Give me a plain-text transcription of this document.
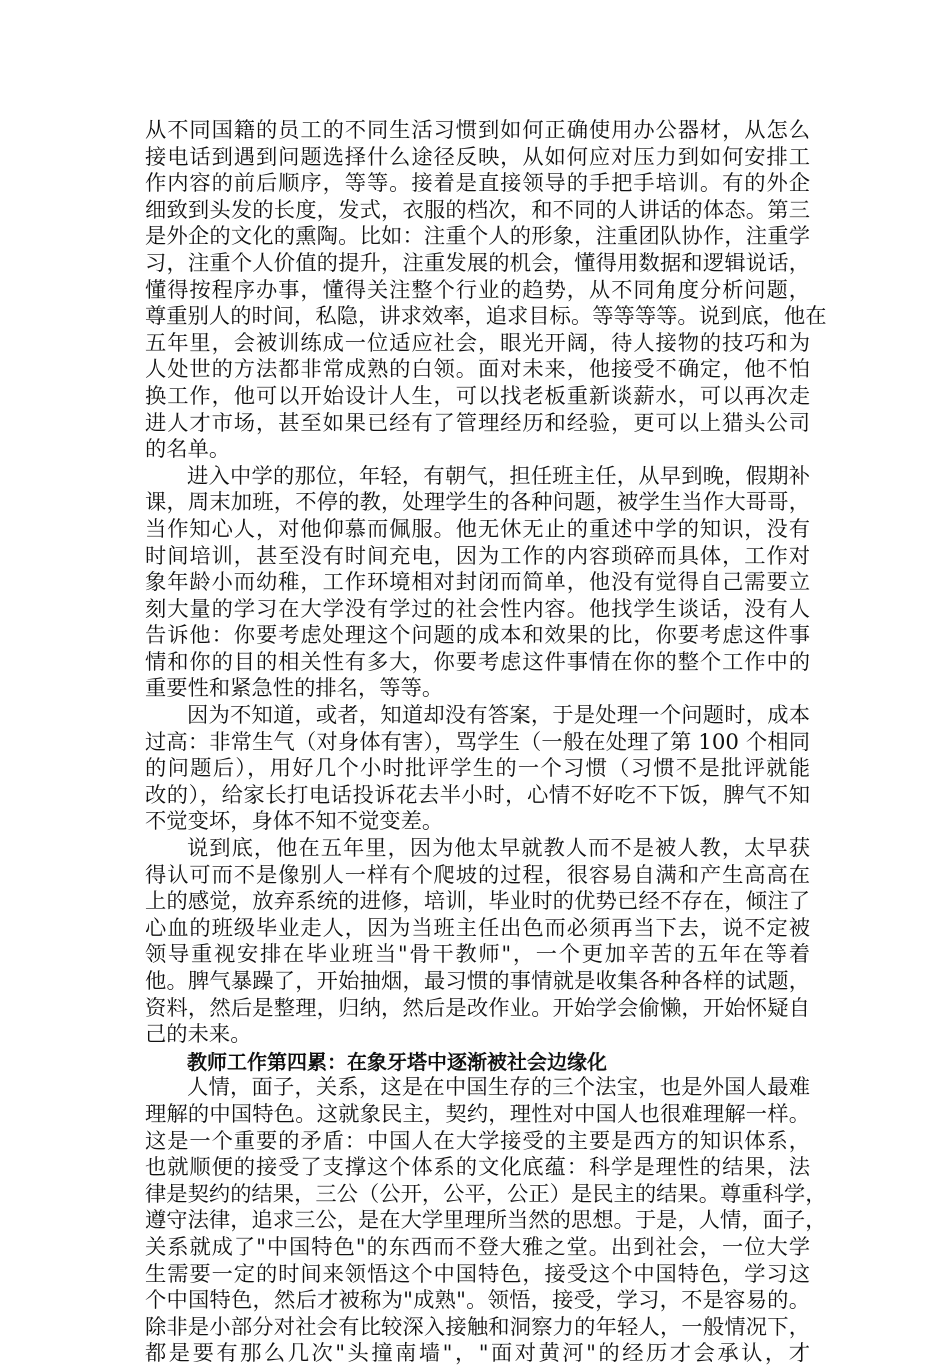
从不同国籍的员工的不同生活习惯到如何正确使用办公器材，从怎么
接电话到遇到问题选择什么途径反映，从如何应对压力到如何安排工
作内容的前后顺序，等等。接着是直接领导的手把手培训。有的外企
细致到头发的长度，发式，衣服的档次，和不同的人讲话的体态。第三
是外企的文化的熏陶。比如：注重个人的形象，注重团队协作，注重学
习，注重个人价值的提升，注重发展的机会，懂得用数据和逻辑说话，
懂得按程序办事，懂得关注整个行业的趋势，从不同角度分析问题，
尊重别人的时间，私隐，讲求效率，追求目标。等等等等。说到底，他在
五年里，会被训练成一位适应社会，眼光开阔，待人接物的技巧和为
人处世的方法都非常成熟的白领。面对未来，他接受不确定，他不怕
换工作，他可以开始设计人生，可以找老板重新谈薪水，可以再次走
进人才市场，甚至如果已经有了管理经历和经验，更可以上猎头公司
的名单。
进入中学的那位，年轻，有朝气，担任班主任，从早到晚，假期补
课，周末加班，不停的教，处理学生的各种问题，被学生当作大哥哥，
当作知心人，对他仰慕而佩服。他无休无止的重述中学的知识，没有
时间培训，甚至没有时间充电，因为工作的内容琐碎而具体，工作对
象年龄小而幼稚，工作环境相对封闭而简单，他没有觉得自己需要立
刻大量的学习在大学没有学过的社会性内容。他找学生谈话，没有人
告诉他：你要考虑处理这个问题的成本和效果的比，你要考虑这件事
情和你的目的相关性有多大，你要考虑这件事情在你的整个工作中的
重要性和紧急性的排名，等等。
因为不知道，或者，知道却没有答案，于是处理一个问题时，成本
过高：非常生气（对身体有害），骂学生（一般在处理了第 100 个相同
的问题后），用好几个小时批评学生的一个习惯（习惯不是批评就能
改的），给家长打电话投诉花去半小时，心情不好吃不下饭，脾气不知
不觉变坏，身体不知不觉变差。
说到底，他在五年里，因为他太早就教人而不是被人教，太早获
得认可而不是像别人一样有个爬坡的过程，很容易自满和产生高高在
上的感觉，放弃系统的进修，培训，毕业时的优势已经不存在，倾注了
心血的班级毕业走人，因为当班主任出色而必须再当下去，说不定被
领导重视安排在毕业班当"骨干教师"，一个更加辛苦的五年在等着
他。脾气暴躁了，开始抽烟，最习惯的事情就是收集各种各样的试题，
资料，然后是整理，归纳，然后是改作业。开始学会偷懒，开始怀疑自
己的未来。
教师工作第四累：在象牙塔中逐渐被社会边缘化
人情，面子，关系，这是在中国生存的三个法宝，也是外国人最难
理解的中国特色。这就象民主，契约，理性对中国人也很难理解一样。
这是一个重要的矛盾：中国人在大学接受的主要是西方的知识体系，
也就顺便的接受了支撑这个体系的文化底蕴：科学是理性的结果，法
律是契约的结果，三公（公开，公平，公正）是民主的结果。尊重科学，
遵守法律，追求三公，是在大学里理所当然的思想。于是，人情，面子，
关系就成了"中国特色"的东西而不登大雅之堂。出到社会，一位大学
生需要一定的时间来领悟这个中国特色，接受这个中国特色，学习这
个中国特色，然后才被称为"成熟"。领悟，接受，学习，不是容易的。
除非是小部分对社会有比较深入接触和洞察力的年轻人，一般情况下，
都是要有那么几次"头撞南墙"，"面对黄河"的经历才会承认，才
